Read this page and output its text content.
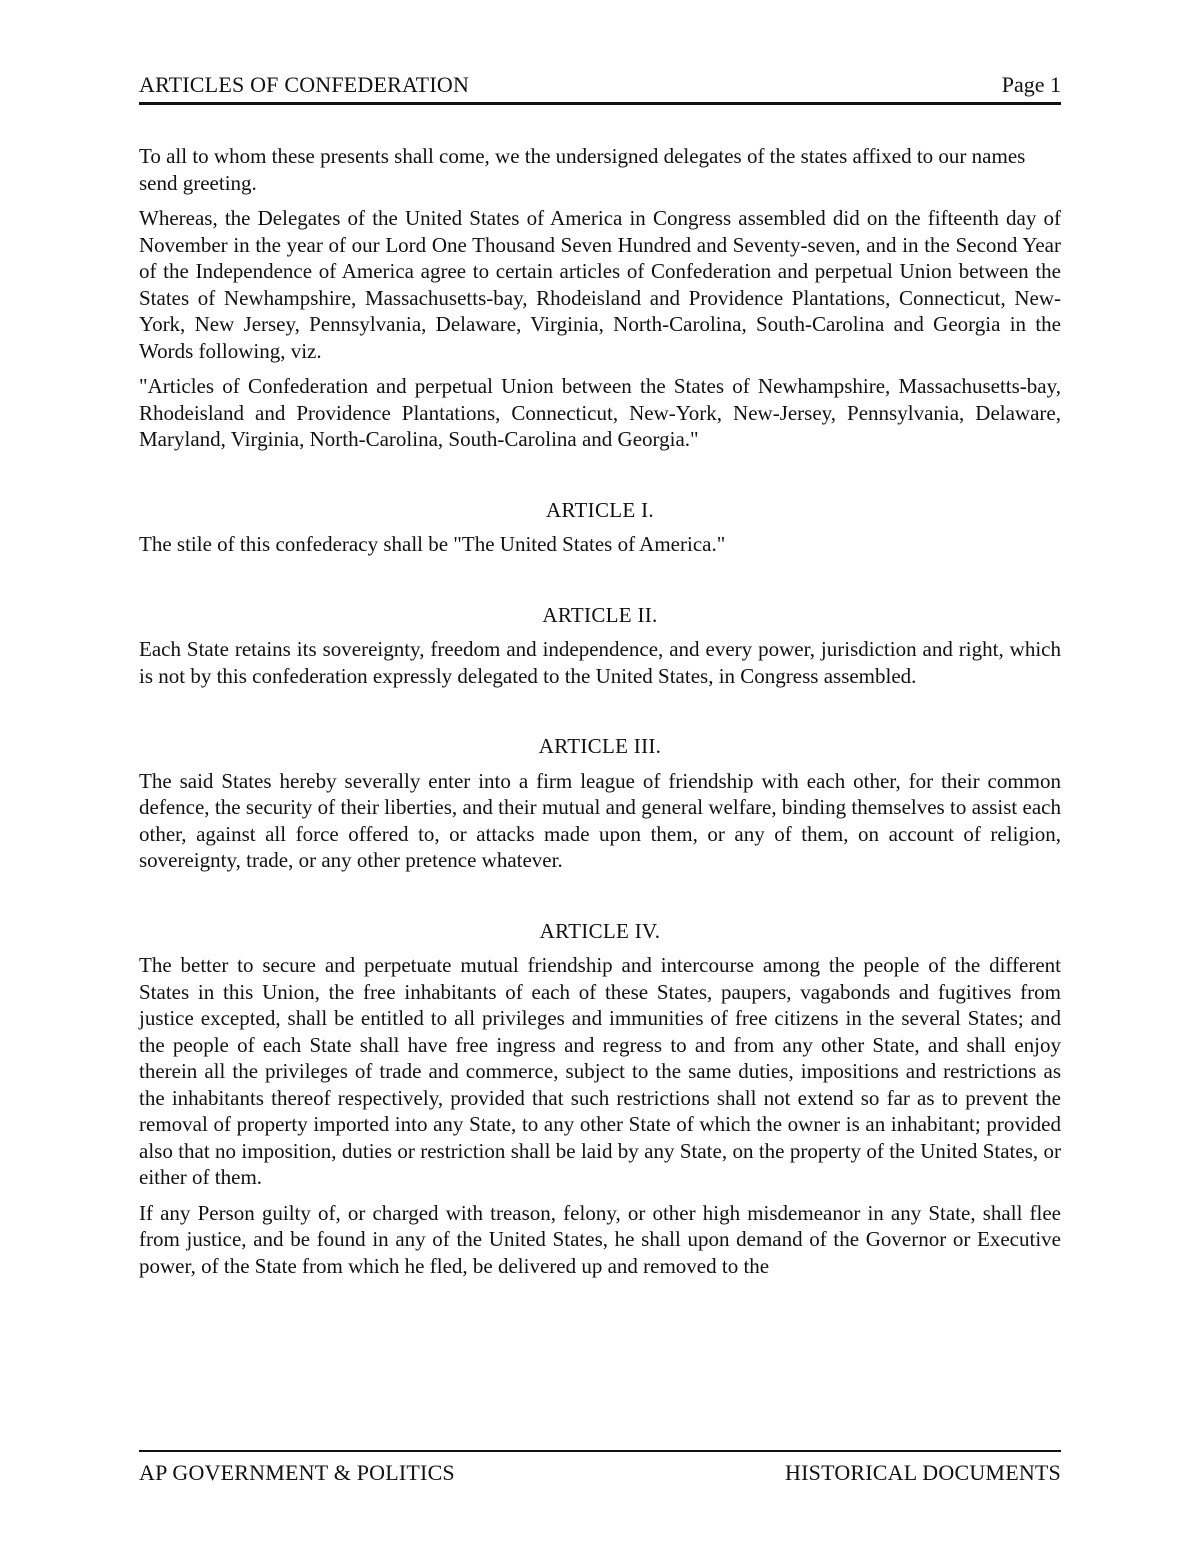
ARTICLES OF CONFEDERATION	Page 1

To all to whom these presents shall come, we the undersigned delegates of the states affixed to our names send greeting.

Whereas, the Delegates of the United States of America in Congress assembled did on the fifteenth day of November in the year of our Lord One Thousand Seven Hundred and Seventy-seven, and in the Second Year of the Independence of America agree to certain articles of Confederation and perpetual Union between the States of Newhampshire, Massachusetts-bay, Rhodeisland and Providence Plantations, Connecticut, New-York, New Jersey, Pennsylvania, Delaware, Virginia, North-Carolina, South-Carolina and Georgia in the Words following, viz.

"Articles of Confederation and perpetual Union between the States of Newhampshire, Massachusetts-bay, Rhodeisland and Providence Plantations, Connecticut, New-York, New-Jersey, Pennsylvania, Delaware, Maryland, Virginia, North-Carolina, South-Carolina and Georgia."

ARTICLE I.

The stile of this confederacy shall be "The United States of America."

ARTICLE II.

Each State retains its sovereignty, freedom and independence, and every power, jurisdiction and right, which is not by this confederation expressly delegated to the United States, in Congress assembled.

ARTICLE III.

The said States hereby severally enter into a firm league of friendship with each other, for their common defence, the security of their liberties, and their mutual and general welfare, binding themselves to assist each other, against all force offered to, or attacks made upon them, or any of them, on account of religion, sovereignty, trade, or any other pretence whatever.

ARTICLE IV.

The better to secure and perpetuate mutual friendship and intercourse among the people of the different States in this Union, the free inhabitants of each of these States, paupers, vagabonds and fugitives from justice excepted, shall be entitled to all privileges and immunities of free citizens in the several States; and the people of each State shall have free ingress and regress to and from any other State, and shall enjoy therein all the privileges of trade and commerce, subject to the same duties, impositions and restrictions as the inhabitants thereof respectively, provided that such restrictions shall not extend so far as to prevent the removal of property imported into any State, to any other State of which the owner is an inhabitant; provided also that no imposition, duties or restriction shall be laid by any State, on the property of the United States, or either of them.

If any Person guilty of, or charged with treason, felony, or other high misdemeanor in any State, shall flee from justice, and be found in any of the United States, he shall upon demand of the Governor or Executive power, of the State from which he fled, be delivered up and removed to the

AP GOVERNMENT & POLITICS	HISTORICAL DOCUMENTS
